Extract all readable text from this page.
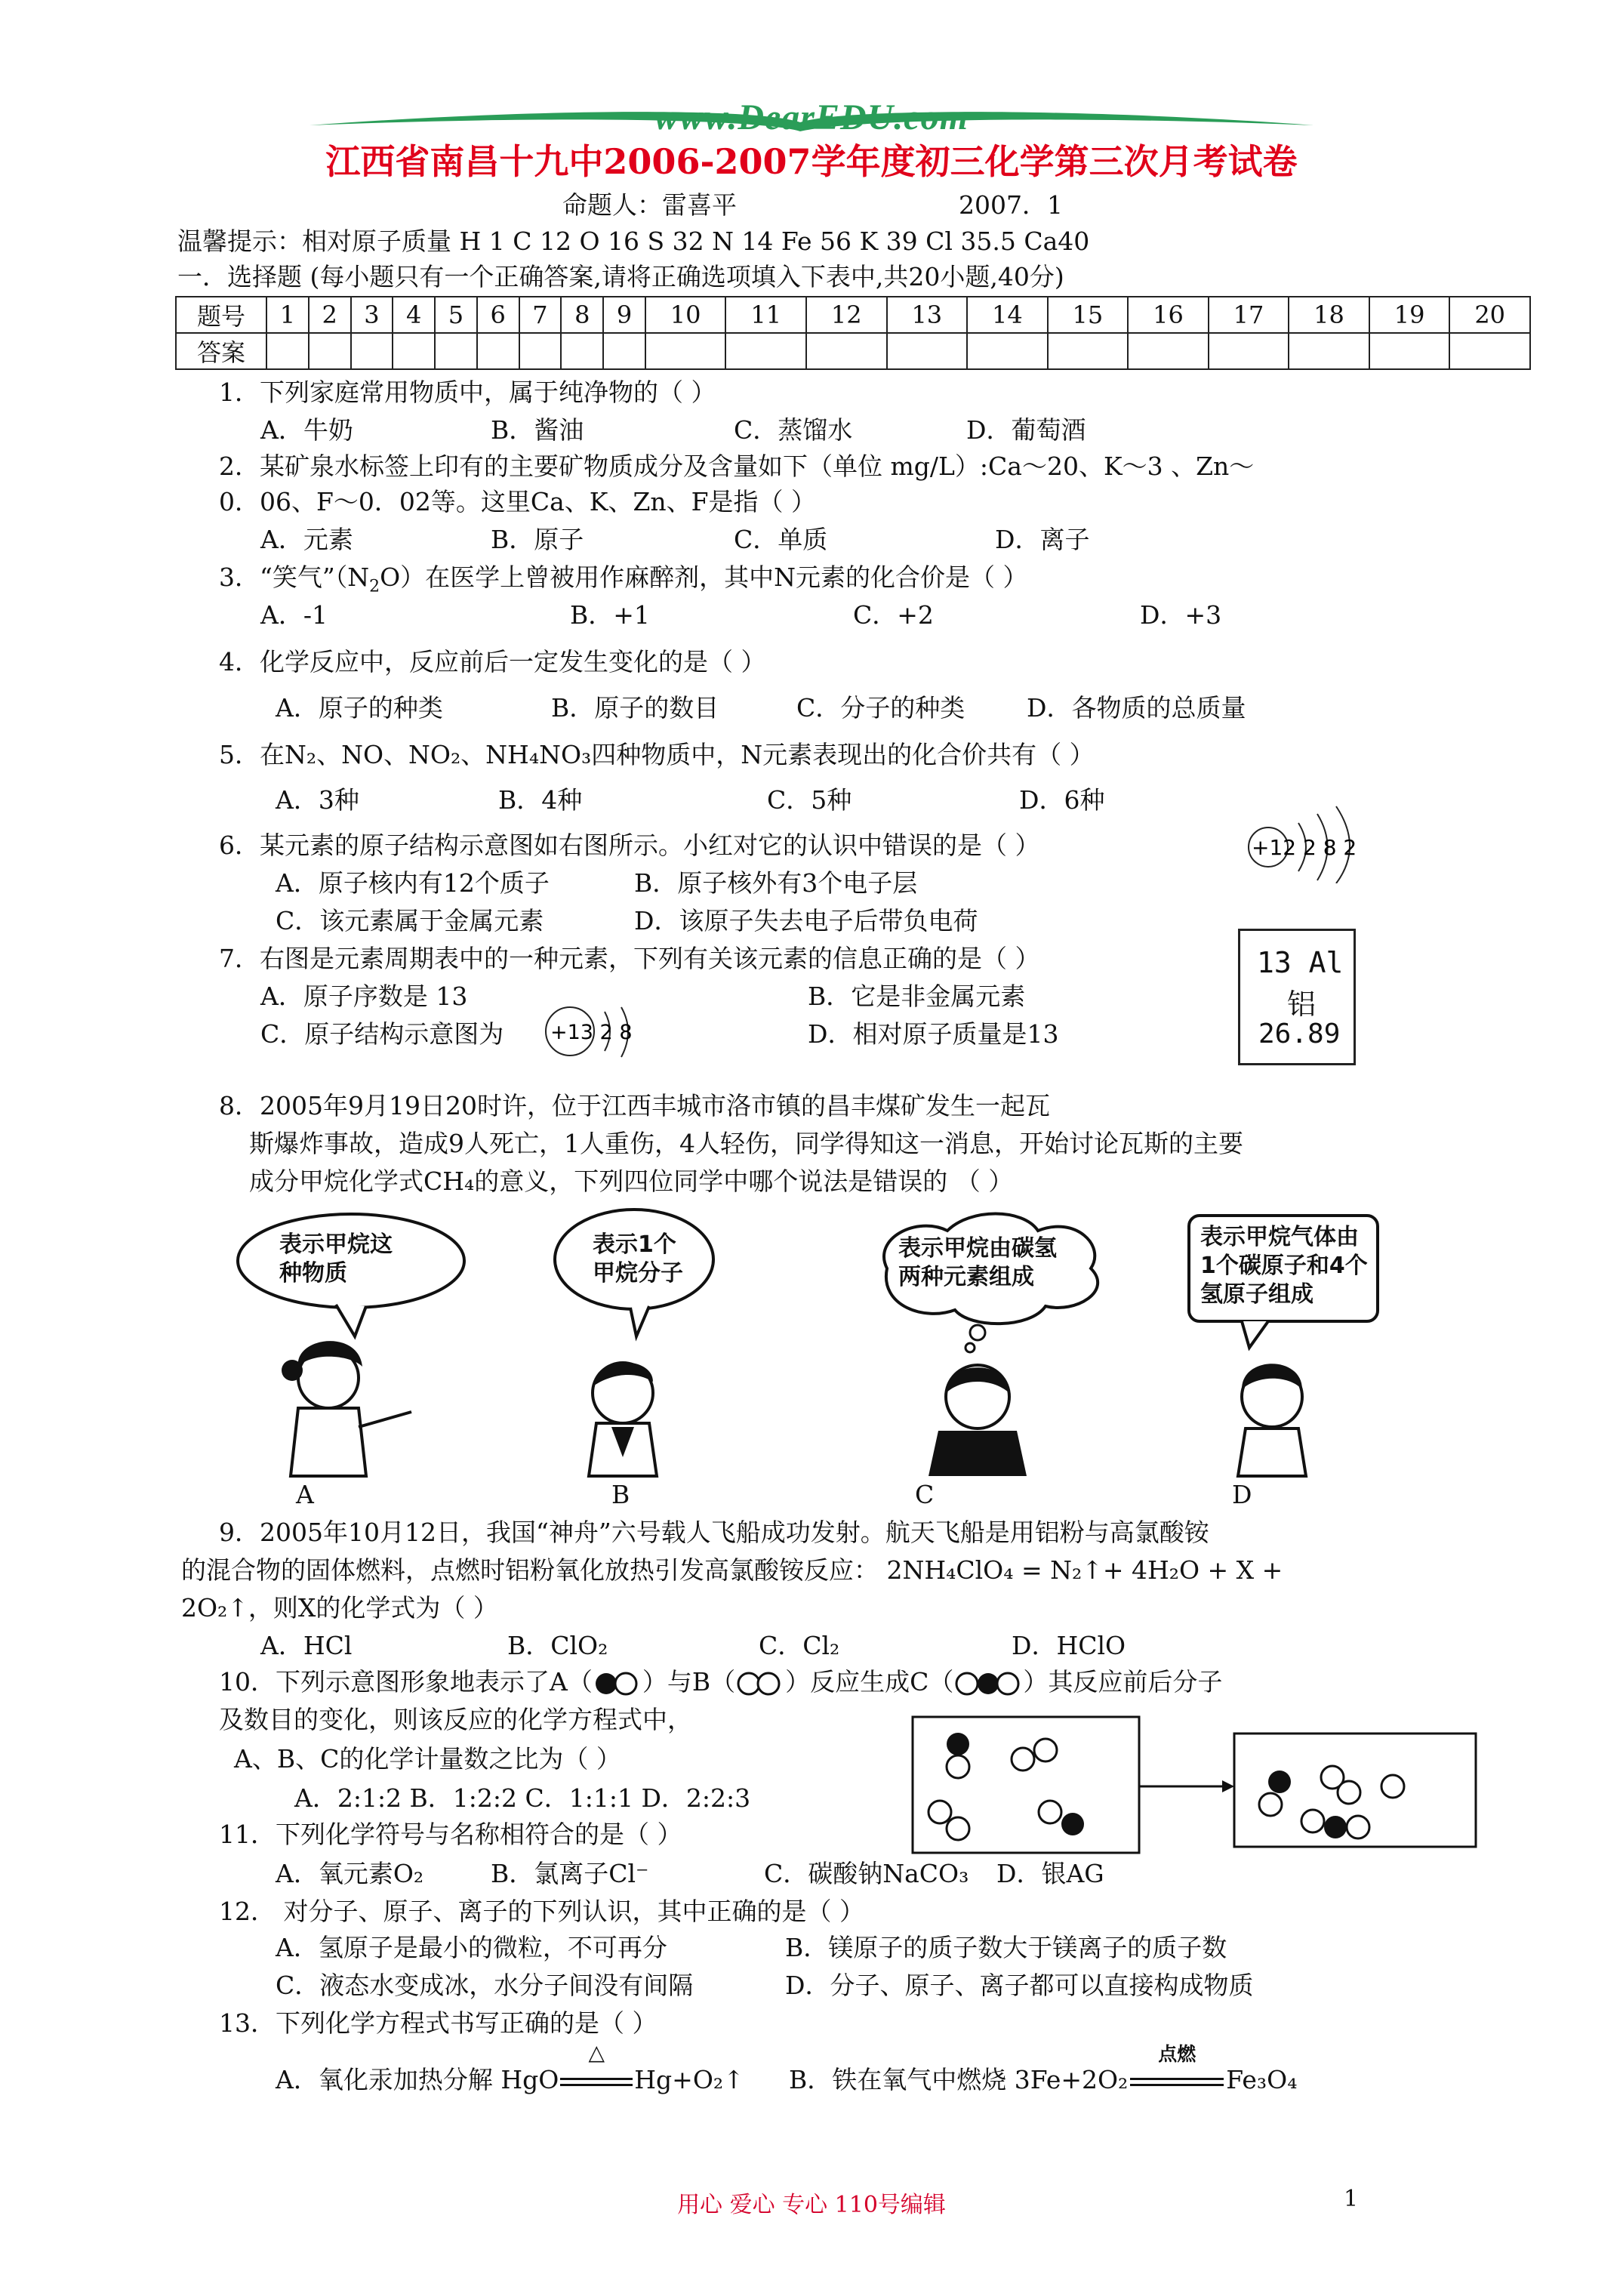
www.DearEDU.com
江西省南昌十九中2006-2007学年度初三化学第三次月考试卷
命题人：雷喜平	2007．1
温馨提示：相对原子质量 H 1 C 12 O 16 S 32 N 14 Fe 56 K 39 Cl 35.5 Ca40
一．选择题 (每小题只有一个正确答案,请将正确选项填入下表中,共20小题,40分)
题号	1	2	3	4	5	6	7	8	9	10	11	12	13	14	15	16	17	18	19	20
答案																				
1．下列家庭常用物质中，属于纯净物的（ ）
A．牛奶	B．酱油	C．蒸馏水	D．葡萄酒
2．某矿泉水标签上印有的主要矿物质成分及含量如下（单位 mg/L）:Ca～20、K～3 、Zn～
0．06、F～0．02等。这里Ca、K、Zn、F是指（ ）
A．元素	B．原子	C．单质	D．离子
3．“笑气$”(N_2O)$在医学上曾被用作麻醉剂，其中N元素的化合价是（ ）
A．-1	B．+1	C．+2	D．+3
4．化学反应中，反应前后一定发生变化的是（ ）
A．原子的种类	B．原子的数目	C．分子的种类 D．各物质的总质量
5．在N₂、NO、NO₂、NH₄NO₃四种物质中，N元素表现出的化合价共有（ ）
A．3种	B．4种	C．5种	D．6种
6．某元素的原子结构示意图如右图所示。小红对它的认识中错误的是（ ）	+12 2 8 2
A．原子核内有12个质子	B．原子核外有3个电子层
C．该元素属于金属元素	D．该原子失去电子后带负电荷
7．右图是元素周期表中的一种元素，下列有关该元素的信息正确的是（ ）	13 Al
铝
26.89
A．原子序数是 13	B．它是非金属元素
C．原子结构示意图为 +13 2 8	D．相对原子质量是13
8．2005年9月19日20时许，位于江西丰城市洛市镇的昌丰煤矿发生一起瓦
斯爆炸事故，造成9人死亡，1人重伤，4人轻伤，同学得知这一消息，开始讨论瓦斯的主要
成分甲烷化学式CH₄的意义，下列四位同学中哪个说法是错误的 （ ）
表示甲烷这
种物质
表示1个
甲烷分子
表示甲烷由碳氢
两种元素组成
表示甲烷气体由
1个碳原子和4个
氢原子组成
A	B	C	D
9．2005年10月12日，我国“神舟”六号载人飞船成功发射。航天飞船是用铝粉与高氯酸铵
的混合物的固体燃料，点燃时铝粉氧化放热引发高氯酸铵反应： 2NH₄ClO₄ = N₂↑+ 4H₂O + X +
2O₂↑，则X的化学式为（ ）
A．HCl	B．ClO₂	C．Cl₂	D．HClO
10．下列示意图形象地表示了A（ ）与B（ ）反应生成C（	）其反应前后分子
及数目的变化，则该反应的化学方程式中，
A、B、C的化学计量数之比为（ ）
A．2:1:2 B．1:2:2 C．1:1:1 D．2:2:3
11．下列化学符号与名称相符合的是（ ）
A．氧元素O₂	B．氯离子Cl⁻	C．碳酸钠NaCO₃ D．银AG
12． 对分子、原子、离子的下列认识，其中正确的是（ ）
A．氢原子是最小的微粒，不可再分	B．镁原子的质子数大于镁离子的质子数
C．液态水变成冰，水分子间没有间隔	D．分子、原子、离子都可以直接构成物质
13．下列化学方程式书写正确的是（ ）
A．氧化汞加热分解 HgO
△
Hg+O₂↑ B．铁在氧气中燃烧 3Fe+2O₂
点燃
Fe₃O₄
用心 爱心 专心 110号编辑	1
